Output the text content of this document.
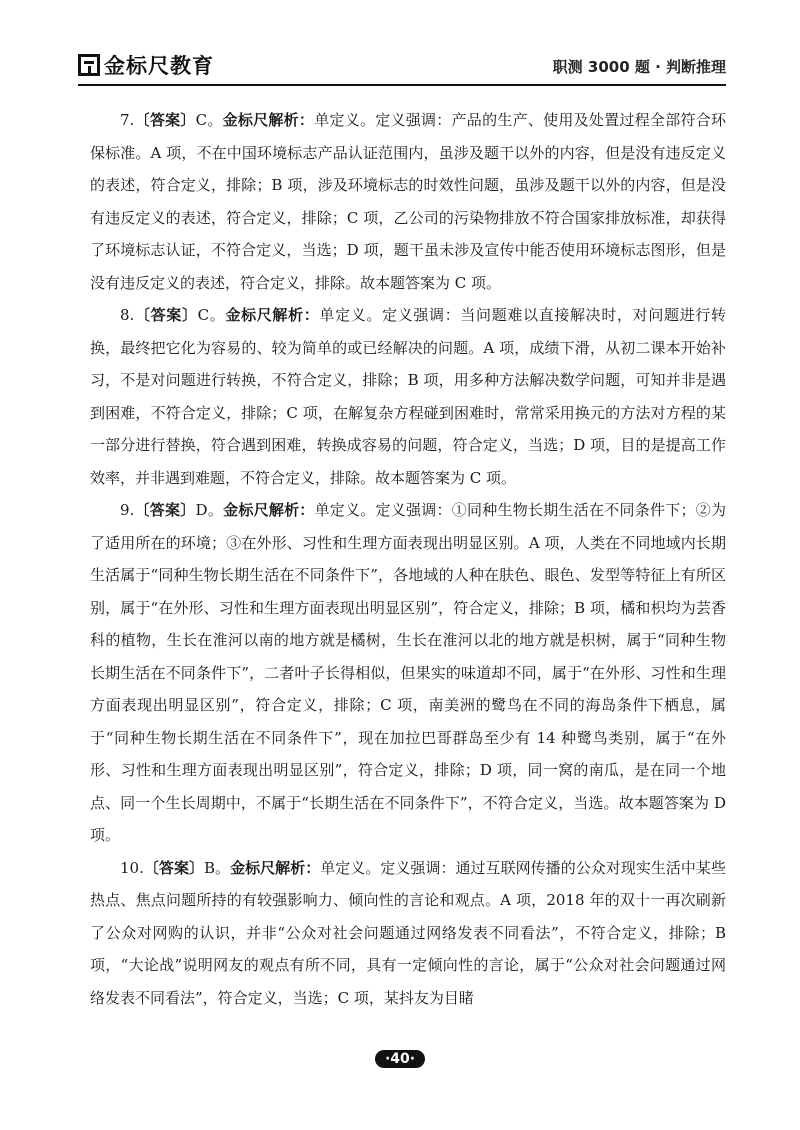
金标尺教育	职测 3000 题 · 判断推理

7.〔答案〕C。金标尺解析：单定义。定义强调：产品的生产、使用及处置过程全部符合环保标准。A 项，不在中国环境标志产品认证范围内，虽涉及题干以外的内容，但是没有违反定义的表述，符合定义，排除；B 项，涉及环境标志的时效性问题，虽涉及题干以外的内容，但是没有违反定义的表述，符合定义，排除；C 项，乙公司的污染物排放不符合国家排放标准，却获得了环境标志认证，不符合定义，当选；D 项，题干虽未涉及宣传中能否使用环境标志图形，但是没有违反定义的表述，符合定义，排除。故本题答案为 C 项。

8.〔答案〕C。金标尺解析：单定义。定义强调：当问题难以直接解决时，对问题进行转换，最终把它化为容易的、较为简单的或已经解决的问题。A 项，成绩下滑，从初二课本开始补习，不是对问题进行转换，不符合定义，排除；B 项，用多种方法解决数学问题，可知并非是遇到困难，不符合定义，排除；C 项，在解复杂方程碰到困难时，常常采用换元的方法对方程的某一部分进行替换，符合遇到困难，转换成容易的问题，符合定义，当选；D 项，目的是提高工作效率，并非遇到难题，不符合定义，排除。故本题答案为 C 项。

9.〔答案〕D。金标尺解析：单定义。定义强调：①同种生物长期生活在不同条件下；②为了适用所在的环境；③在外形、习性和生理方面表现出明显区别。A 项，人类在不同地域内长期生活属于“同种生物长期生活在不同条件下”，各地域的人种在肤色、眼色、发型等特征上有所区别，属于“在外形、习性和生理方面表现出明显区别”，符合定义，排除；B 项，橘和枳均为芸香科的植物，生长在淮河以南的地方就是橘树，生长在淮河以北的地方就是枳树，属于“同种生物长期生活在不同条件下”，二者叶子长得相似，但果实的味道却不同，属于“在外形、习性和生理方面表现出明显区别”，符合定义，排除；C 项，南美洲的鹭鸟在不同的海岛条件下栖息，属于“同种生物长期生活在不同条件下”，现在加拉巴哥群岛至少有 14 种鹭鸟类别，属于“在外形、习性和生理方面表现出明显区别”，符合定义，排除；D 项，同一窝的南瓜，是在同一个地点、同一个生长周期中，不属于“长期生活在不同条件下”，不符合定义，当选。故本题答案为 D 项。

10.〔答案〕B。金标尺解析：单定义。定义强调：通过互联网传播的公众对现实生活中某些热点、焦点问题所持的有较强影响力、倾向性的言论和观点。A 项，2018 年的双十一再次刷新了公众对网购的认识，并非“公众对社会问题通过网络发表不同看法”，不符合定义，排除；B 项，“大论战”说明网友的观点有所不同，具有一定倾向性的言论，属于“公众对社会问题通过网络发表不同看法”，符合定义，当选；C 项，某抖友为目睹

·40·
